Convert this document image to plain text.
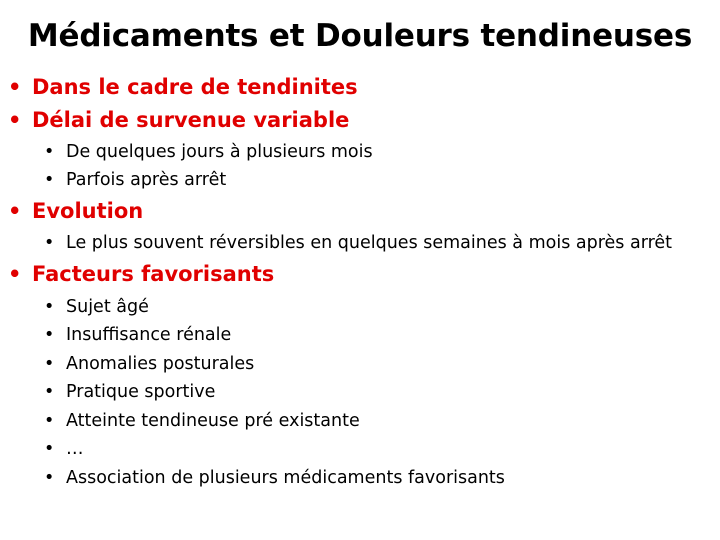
Médicaments et Douleurs tendineuses
• Dans le cadre de tendinites
• Délai de survenue variable
• De quelques jours à plusieurs mois
• Parfois après arrêt
• Evolution
• Le plus souvent réversibles en quelques semaines à mois après arrêt
• Facteurs favorisants
• Sujet âgé
• Insuffisance rénale
• Anomalies posturales
• Pratique sportive
• Atteinte tendineuse pré existante
• …
• Association de plusieurs médicaments favorisants
